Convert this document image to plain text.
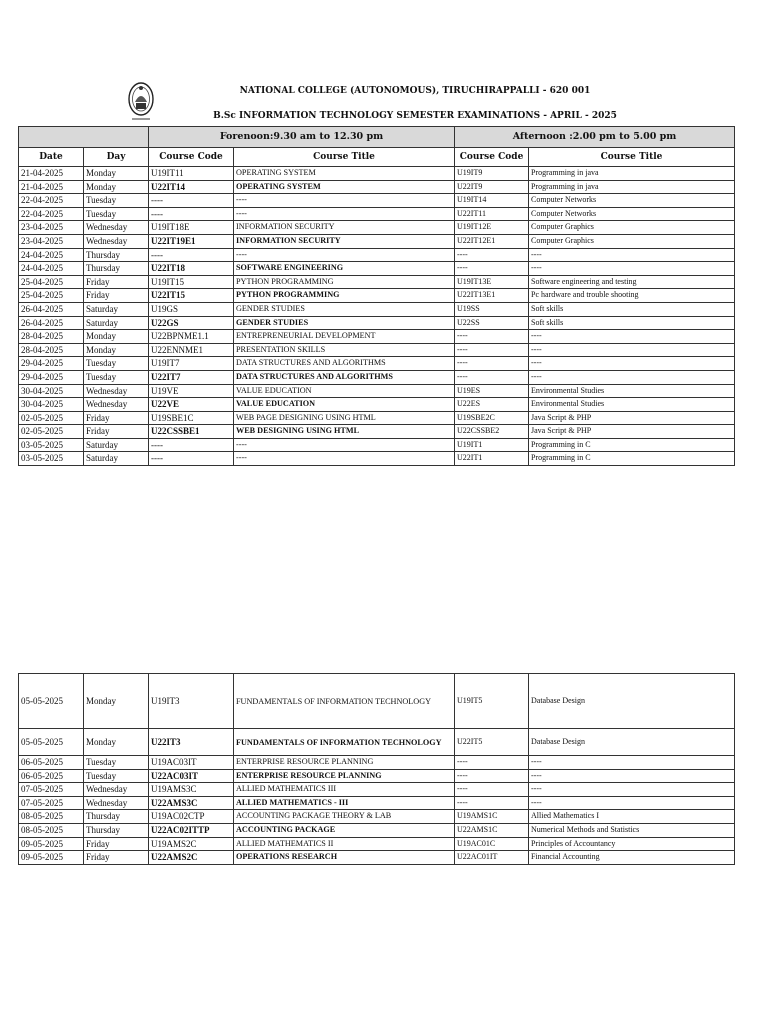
NATIONAL COLLEGE (AUTONOMOUS), TIRUCHIRAPPALLI - 620 001
B.Sc INFORMATION TECHNOLOGY SEMESTER EXAMINATIONS - APRIL - 2025
		Forenoon:9.30 am to 12.30 pm		Afternoon :2.00 pm to 5.00 pm	
Date	Day	Course Code	Course Title	Course Code	Course Title
21-04-2025	Monday	U19IT11	OPERATING SYSTEM	U19IT9	Programming in java
21-04-2025	Monday	U22IT14	OPERATING SYSTEM	U22IT9	Programming in java
22-04-2025	Tuesday	----	----	U19IT14	Computer Networks
22-04-2025	Tuesday	----	----	U22IT11	Computer Networks
23-04-2025	Wednesday	U19IT18E	INFORMATION SECURITY	U19IT12E	Computer Graphics
23-04-2025	Wednesday	U22IT19E1	INFORMATION SECURITY	U22IT12E1	Computer Graphics
24-04-2025	Thursday	----	----	----	----
24-04-2025	Thursday	U22IT18	SOFTWARE ENGINEERING	----	----
25-04-2025	Friday	U19IT15	PYTHON PROGRAMMING	U19IT13E	Software engineering and testing
25-04-2025	Friday	U22IT15	PYTHON PROGRAMMING	U22IT13E1	Pc hardware and trouble shooting
26-04-2025	Saturday	U19GS	GENDER STUDIES	U19SS	Soft skills
26-04-2025	Saturday	U22GS	GENDER STUDIES	U22SS	Soft skills
28-04-2025	Monday	U22BPNME1.1	ENTREPRENEURIAL DEVELOPMENT	----	----
28-04-2025	Monday	U22ENNME1	PRESENTATION SKILLS	----	----
29-04-2025	Tuesday	U19IT7	DATA STRUCTURES AND ALGORITHMS	----	----
29-04-2025	Tuesday	U22IT7	DATA STRUCTURES AND ALGORITHMS	----	----
30-04-2025	Wednesday	U19VE	VALUE EDUCATION	U19ES	Environmental Studies
30-04-2025	Wednesday	U22VE	VALUE EDUCATION	U22ES	Environmental Studies
02-05-2025	Friday	U19SBE1C	WEB PAGE DESIGNING USING HTML	U19SBE2C	Java Script & PHP
02-05-2025	Friday	U22CSSBE1	WEB DESIGNING USING HTML	U22CSSBE2	Java Script & PHP
03-05-2025	Saturday	----	----	U19IT1	Programming in C
03-05-2025	Saturday	----	----	U22IT1	Programming in C
05-05-2025	Monday	U19IT3	FUNDAMENTALS OF INFORMATION TECHNOLOGY	U19IT5	Database Design
05-05-2025	Monday	U22IT3	FUNDAMENTALS OF INFORMATION TECHNOLOGY	U22IT5	Database Design
06-05-2025	Tuesday	U19AC03IT	ENTERPRISE RESOURCE PLANNING	----	----
06-05-2025	Tuesday	U22AC03IT	ENTERPRISE RESOURCE PLANNING	----	----
07-05-2025	Wednesday	U19AMS3C	ALLIED MATHEMATICS III	----	----
07-05-2025	Wednesday	U22AMS3C	ALLIED MATHEMATICS - III	----	----
08-05-2025	Thursday	U19AC02CTP	ACCOUNTING PACKAGE THEORY & LAB	U19AMS1C	Allied Mathematics I
08-05-2025	Thursday	U22AC02ITTP	ACCOUNTING PACKAGE	U22AMS1C	Numerical Methods and Statistics
09-05-2025	Friday	U19AMS2C	ALLIED MATHEMATICS II	U19AC01C	Principles of Accountancy
09-05-2025	Friday	U22AMS2C	OPERATIONS RESEARCH	U22AC01IT	Financial Accounting
